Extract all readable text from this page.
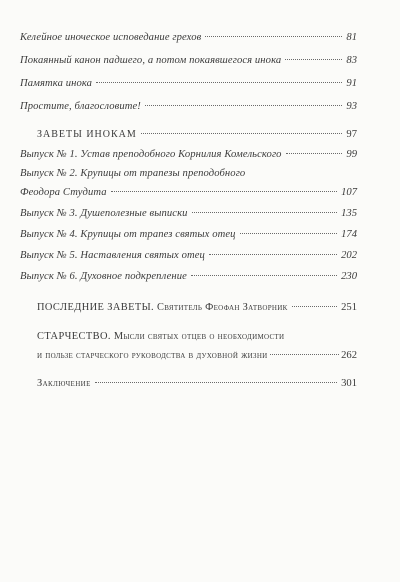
Келейное иноческое исповедание грехов	81
Покаянный канон падшего, а потом покаявшегося инока	83
Памятка инока	91
Простите, благословите!	93
ЗАВЕТЫ ИНОКАМ	97
Выпуск № 1. Устав преподобного Корнилия Комельского	99
Выпуск № 2. Крупицы от трапезы преподобного
Феодора Студита	107
Выпуск № 3. Душеполезные выписки	135
Выпуск № 4. Крупицы от трапез святых отец	174
Выпуск № 5. Наставления святых отец	202
Выпуск № 6. Духовное подкрепление	230
ПОСЛЕДНИЕ ЗАВЕТЫ. Святитель Феофан Затворник	251
СТАРЧЕСТВО. Мысли святых отцев о необходимости
и пользе старческого руководства в духовной жизни	262
Заключение	301
